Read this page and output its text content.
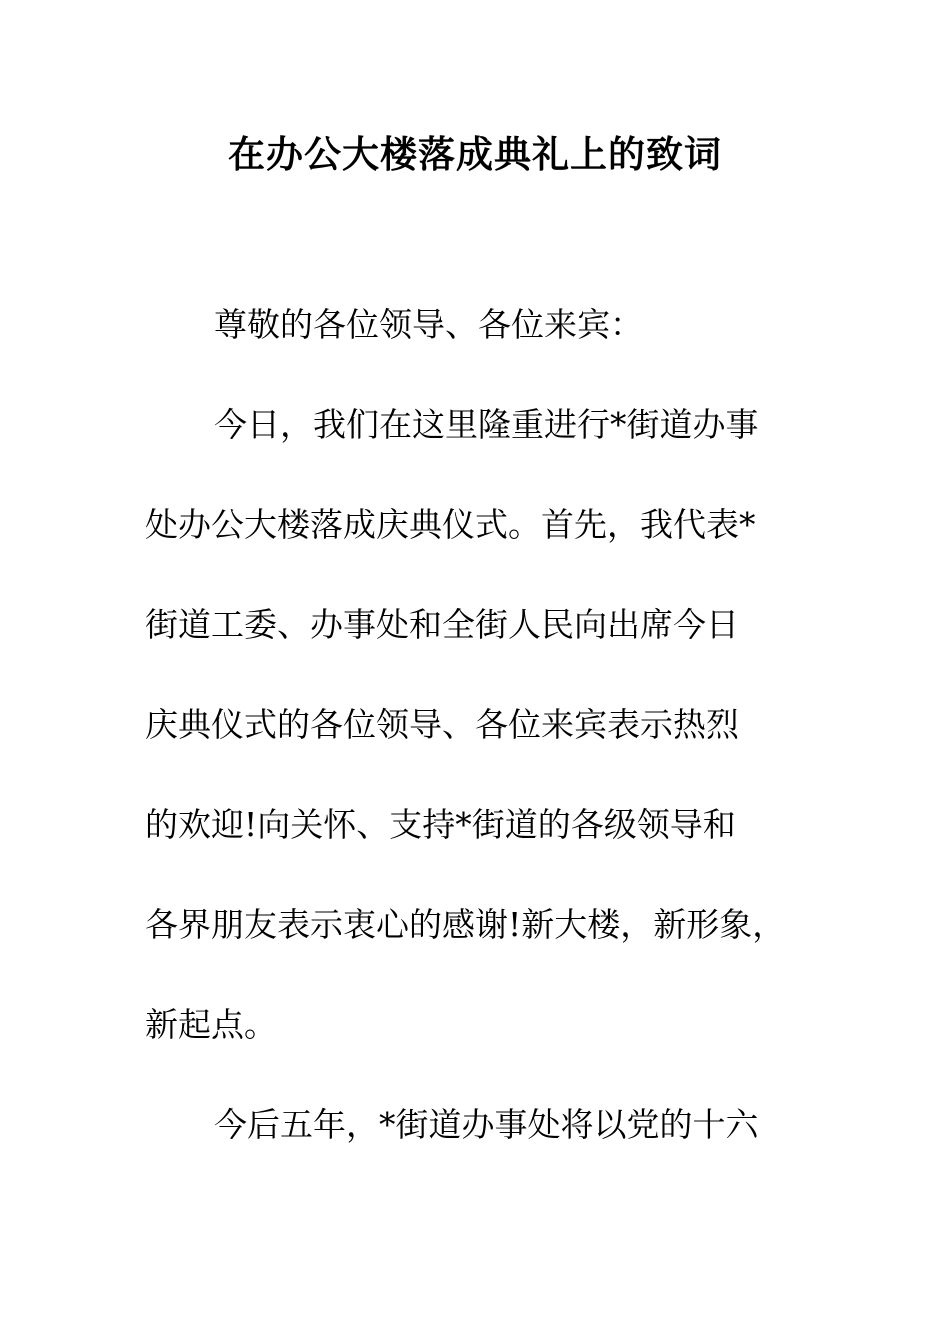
在办公大楼落成典礼上的致词
尊敬的各位领导、各位来宾：
今日，我们在这里隆重进行*街道办事
处办公大楼落成庆典仪式。首先，我代表*
街道工委、办事处和全街人民向出席今日
庆典仪式的各位领导、各位来宾表示热烈
的欢迎!向关怀、支持*街道的各级领导和
各界朋友表示衷心的感谢!新大楼，新形象，
新起点。
今后五年，*街道办事处将以党的十六
